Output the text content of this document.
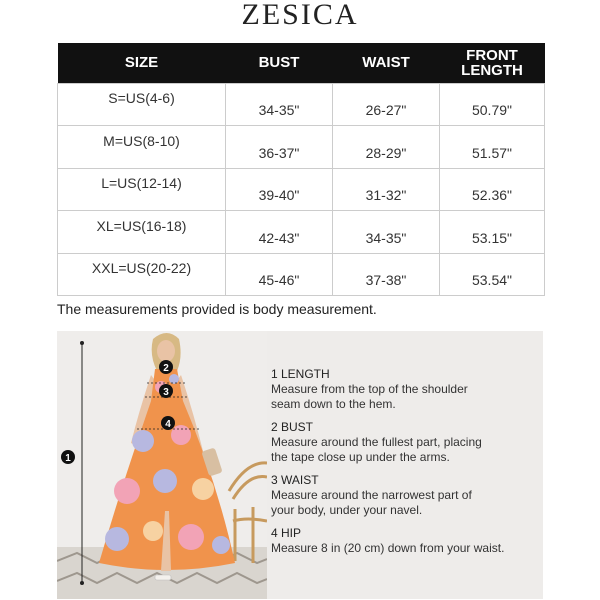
ZESICA
SIZE	BUST	WAIST	FRONT
LENGTH
S=US(4-6)	34-35"	26-27"	50.79"
M=US(8-10)	36-37"	28-29"	51.57"
L=US(12-14)	39-40"	31-32"	52.36"
XL=US(16-18)	42-43"	34-35"	53.15"
XXL=US(20-22)	45-46"	37-38"	53.54"
The measurements provided is body measurement.
1
2
3
4
1 LENGTH
Measure from the top of the shoulder
seam down to the hem.
2 BUST
Measure around the fullest part, placing
the tape close up under the arms.
3 WAIST
Measure around the narrowest part of
your body, under your navel.
4 HIP
Measure 8 in (20 cm) down from your waist.
